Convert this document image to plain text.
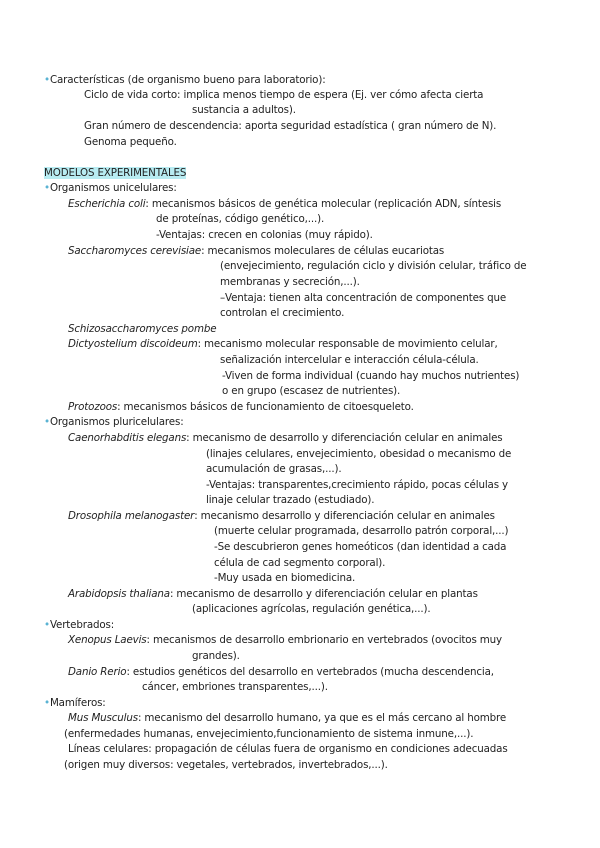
•Características (de organismo bueno para laboratorio):
Ciclo de vida corto: implica menos tiempo de espera (Ej. ver cómo afecta cierta
sustancia a adultos).
Gran número de descendencia: aporta seguridad estadística ( gran número de N).
Genoma pequeño.
MODELOS EXPERIMENTALES
•Organismos unicelulares:
Escherichia coli: mecanismos básicos de genética molecular (replicación ADN, síntesis
de proteínas, código genético,...).
-Ventajas: crecen en colonias (muy rápido).
Saccharomyces cerevisiae: mecanismos moleculares de células eucariotas
(envejecimiento, regulación ciclo y división celular, tráfico de
membranas y secreción,...).
–Ventaja: tienen alta concentración de componentes que
controlan el crecimiento.
Schizosaccharomyces pombe
Dictyostelium discoideum: mecanismo molecular responsable de movimiento celular,
señalización intercelular e interacción célula-célula.
-Viven de forma individual (cuando hay muchos nutrientes)
o en grupo (escasez de nutrientes).
Protozoos: mecanismos básicos de funcionamiento de citoesqueleto.
•Organismos pluricelulares:
Caenorhabditis elegans: mecanismo de desarrollo y diferenciación celular en animales
(linajes celulares, envejecimiento, obesidad o mecanismo de
acumulación de grasas,...).
-Ventajas: transparentes,crecimiento rápido, pocas células y
linaje celular trazado (estudiado).
Drosophila melanogaster: mecanismo desarrollo y diferenciación celular en animales
(muerte celular programada, desarrollo patrón corporal,...)
-Se descubrieron genes homeóticos (dan identidad a cada
célula de cad segmento corporal).
-Muy usada en biomedicina.
Arabidopsis thaliana: mecanismo de desarrollo y diferenciación celular en plantas
(aplicaciones agrícolas, regulación genética,...).
•Vertebrados:
Xenopus Laevis: mecanismos de desarrollo embrionario en vertebrados (ovocitos muy
grandes).
Danio Rerio: estudios genéticos del desarrollo en vertebrados (mucha descendencia,
cáncer, embriones transparentes,...).
•Mamíferos:
Mus Musculus: mecanismo del desarrollo humano, ya que es el más cercano al hombre
(enfermedades humanas, envejecimiento,funcionamiento de sistema inmune,...).
Líneas celulares: propagación de células fuera de organismo en condiciones adecuadas
(origen muy diversos: vegetales, vertebrados, invertebrados,...).
